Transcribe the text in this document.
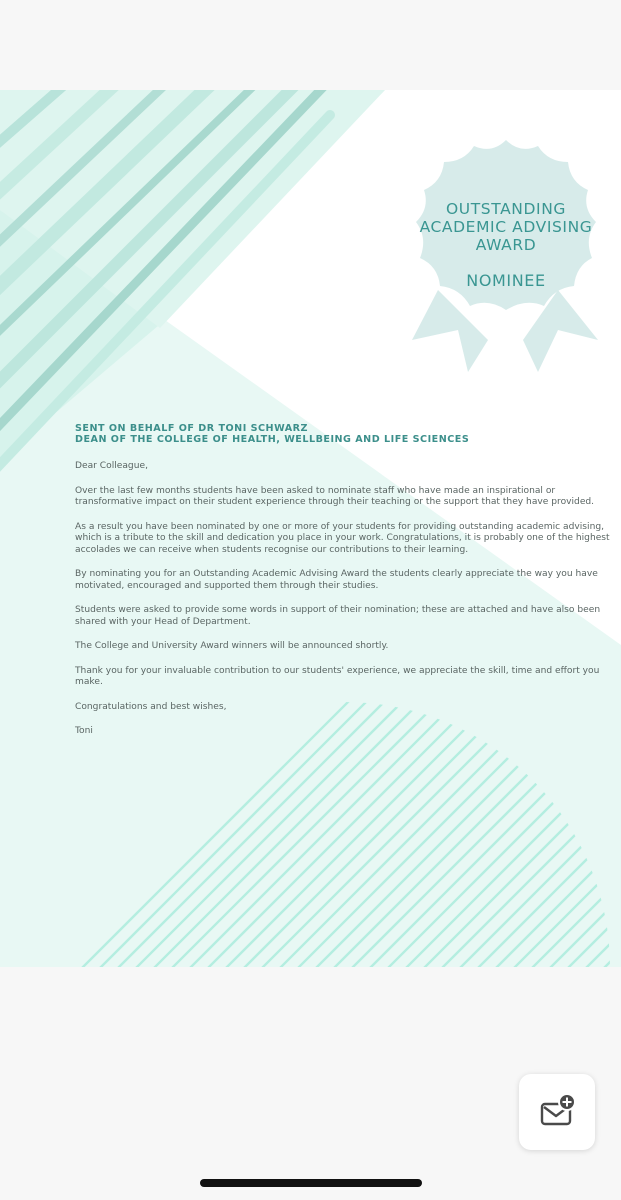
OUTSTANDING
ACADEMIC ADVISING
AWARD
NOMINEE
SENT ON BEHALF OF DR TONI SCHWARZ
DEAN OF THE COLLEGE OF HEALTH, WELLBEING AND LIFE SCIENCES

Dear Colleague,

Over the last few months students have been asked to nominate staff who have made an inspirational or transformative impact on their student experience through their teaching or the support that they have provided.

As a result you have been nominated by one or more of your students for providing outstanding academic advising, which is a tribute to the skill and dedication you place in your work. Congratulations, it is probably one of the highest accolades we can receive when students recognise our contributions to their learning.

By nominating you for an Outstanding Academic Advising Award the students clearly appreciate the way you have motivated, encouraged and supported them through their studies.

Students were asked to provide some words in support of their nomination; these are attached and have also been shared with your Head of Department.

The College and University Award winners will be announced shortly.

Thank you for your invaluable contribution to our students' experience, we appreciate the skill, time and effort you make.

Congratulations and best wishes,

Toni
